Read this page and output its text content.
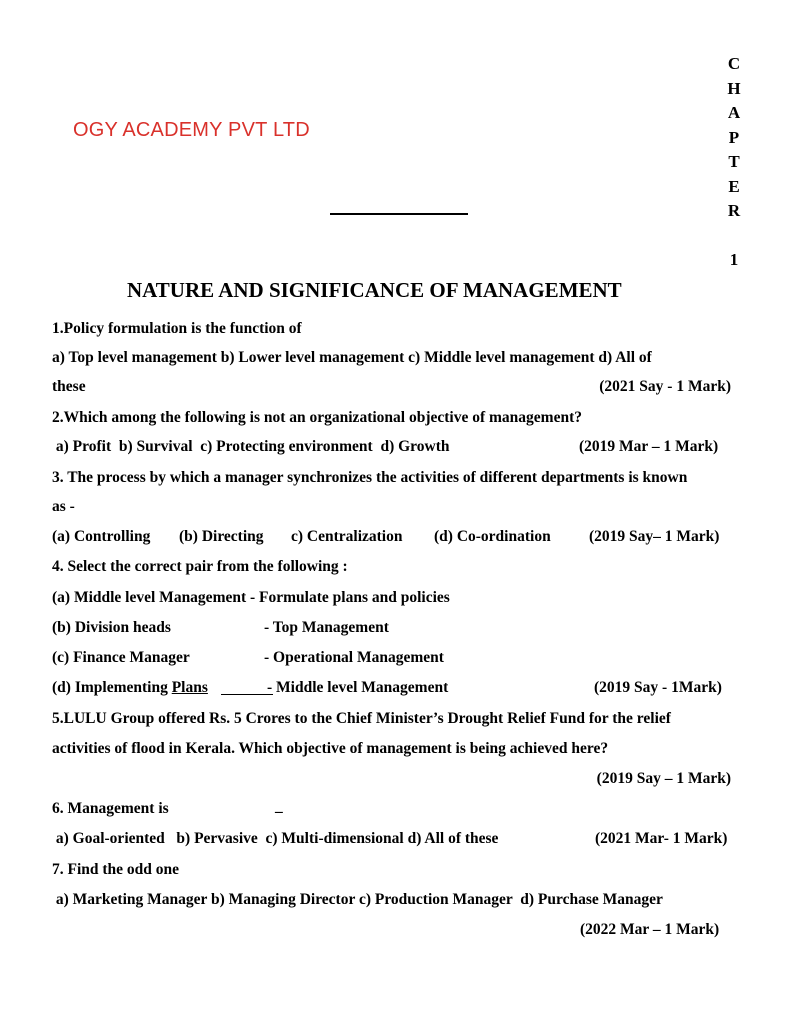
C
H
A
P
T
E
R
1
OGY ACADEMY PVT LTD
NATURE AND SIGNIFICANCE OF MANAGEMENT
1.Policy formulation is the function of
a) Top level management b) Lower level management c) Middle level management d) All of
these	(2021 Say - 1 Mark)
2.Which among the following is not an organizational objective of management?
a) Profit  b) Survival  c) Protecting environment  d) Growth	(2019 Mar – 1 Mark)
3. The process by which a manager synchronizes the activities of different departments is known
as -
(a) Controlling (b) Directing c) Centralization (d) Co-ordination (2019 Say– 1 Mark)
4. Select the correct pair from the following :
(a) Middle level Management - Formulate plans and policies
(b) Division heads	- Top Management
(c) Finance Manager	- Operational Management
(d) Implementing Plans	- Middle level Management	(2019 Say - 1Mark)
5.LULU Group offered Rs. 5 Crores to the Chief Minister’s Drought Relief Fund for the relief
activities of flood in Kerala. Which objective of management is being achieved here?
(2019 Say – 1 Mark)
6. Management is	_
a) Goal-oriented   b) Pervasive  c) Multi-dimensional d) All of these	(2021 Mar- 1 Mark)
7. Find the odd one
a) Marketing Manager b) Managing Director c) Production Manager  d) Purchase Manager
(2022 Mar – 1 Mark)
